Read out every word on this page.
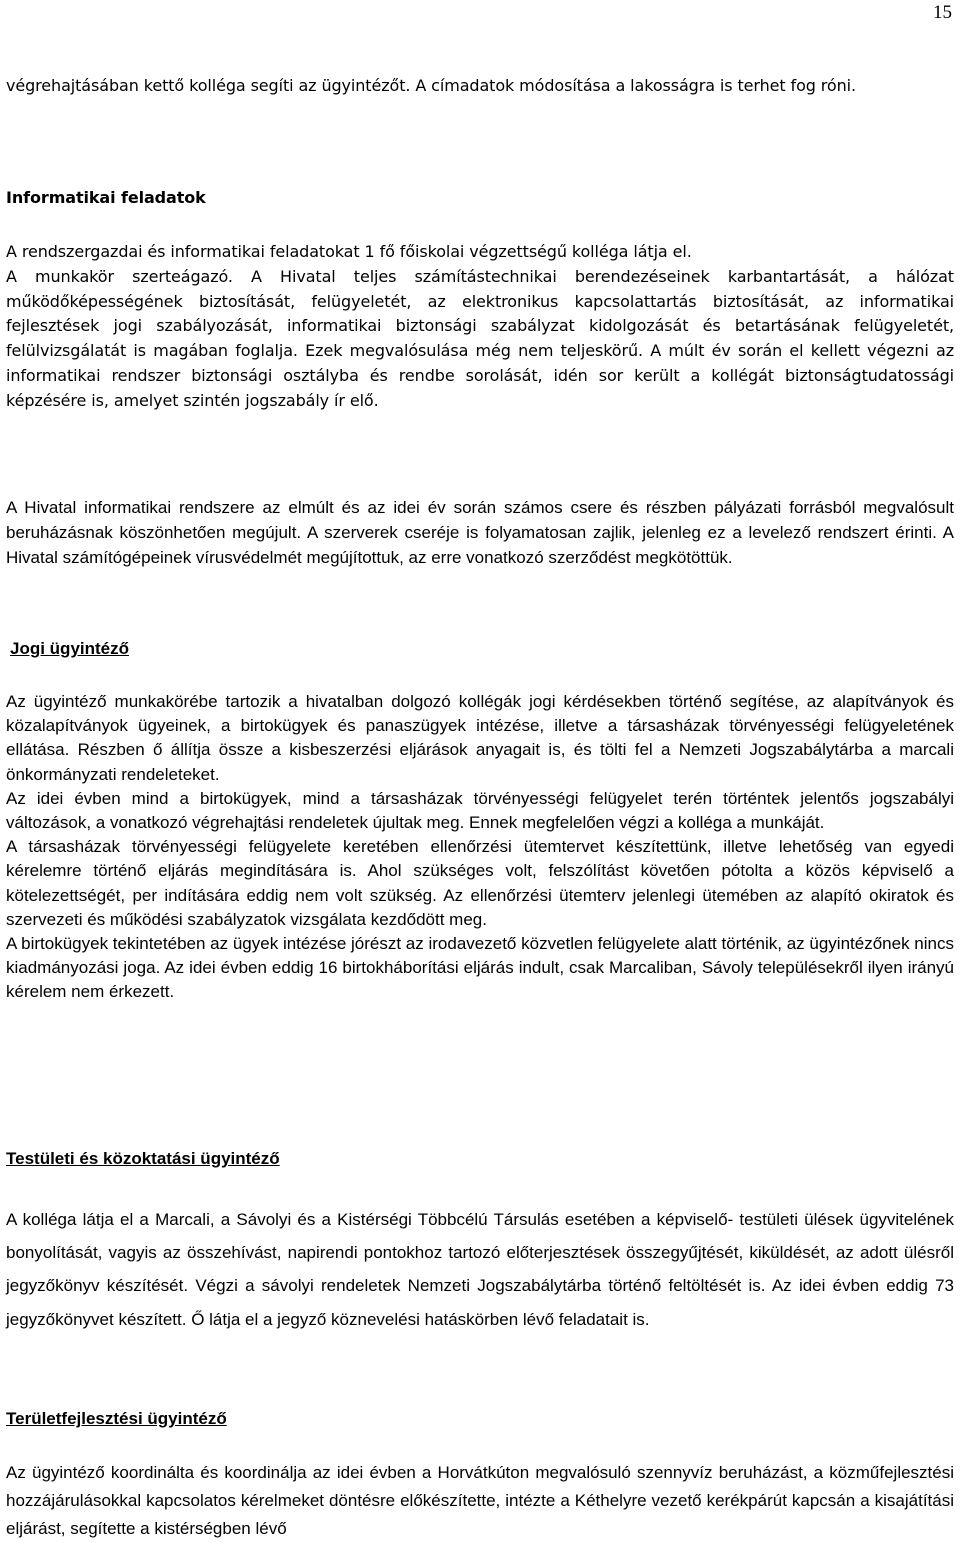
15

végrehajtásában kettő kolléga segíti az ügyintézőt. A címadatok módosítása a lakosságra is terhet fog róni.

Informatikai feladatok

A rendszergazdai és informatikai feladatokat 1 fő főiskolai végzettségű kolléga látja el.

A munkakör szerteágazó. A Hivatal teljes számítástechnikai berendezéseinek karbantartását, a hálózat működőképességének biztosítását, felügyeletét, az elektronikus kapcsolattartás biztosítását, az informatikai fejlesztések jogi szabályozását, informatikai biztonsági szabályzat kidolgozását és betartásának felügyeletét, felülvizsgálatát is magában foglalja. Ezek megvalósulása még nem teljeskörű. A múlt év során el kellett végezni az informatikai rendszer biztonsági osztályba és rendbe sorolását, idén sor került a kollégát biztonságtudatossági képzésére is, amelyet szintén jogszabály ír elő.

A Hivatal informatikai rendszere az elmúlt és az idei év során számos csere és részben pályázati forrásból megvalósult beruházásnak köszönhetően megújult. A szerverek cseréje is folyamatosan zajlik, jelenleg ez a levelező rendszert érinti. A Hivatal számítógépeinek vírusvédelmét megújítottuk, az erre vonatkozó szerződést megkötöttük.

Jogi ügyintéző

Az ügyintéző munkakörébe tartozik a hivatalban dolgozó kollégák jogi kérdésekben történő segítése, az alapítványok és közalapítványok ügyeinek, a birtokügyek és panaszügyek intézése, illetve a társasházak törvényességi felügyeletének ellátása. Részben ő állítja össze a kisbeszerzési eljárások anyagait is, és tölti fel a Nemzeti Jogszabálytárba a marcali önkormányzati rendeleteket.

Az idei évben mind a birtokügyek, mind a társasházak törvényességi felügyelet terén történtek jelentős jogszabályi változások, a vonatkozó végrehajtási rendeletek újultak meg. Ennek megfelelően végzi a kolléga a munkáját.

A társasházak törvényességi felügyelete keretében ellenőrzési ütemtervet készítettünk, illetve lehetőség van egyedi kérelemre történő eljárás megindítására is. Ahol szükséges volt, felszólítást követően pótolta a közös képviselő a kötelezettségét, per indítására eddig nem volt szükség. Az ellenőrzési ütemterv jelenlegi ütemében az alapító okiratok és szervezeti és működési szabályzatok vizsgálata kezdődött meg.

A birtokügyek tekintetében az ügyek intézése jórészt az irodavezető közvetlen felügyelete alatt történik, az ügyintézőnek nincs kiadmányozási joga. Az idei évben eddig 16 birtokháborítási eljárás indult, csak Marcaliban, Sávoly településekről ilyen irányú kérelem nem érkezett.

Testületi és közoktatási ügyintéző

A kolléga látja el a Marcali, a Sávolyi és a Kistérségi Többcélú Társulás esetében a képviselő- testületi ülések ügyvitelének bonyolítását, vagyis az összehívást, napirendi pontokhoz tartozó előterjesztések összegyűjtését, kiküldését, az adott ülésről jegyzőkönyv készítését. Végzi a sávolyi rendeletek Nemzeti Jogszabálytárba történő feltöltését is. Az idei évben eddig 73 jegyzőkönyvet készített. Ő látja el a jegyző köznevelési hatáskörben lévő feladatait is.

Területfejlesztési ügyintéző

Az ügyintéző koordinálta és koordinálja az idei évben a Horvátkúton megvalósuló szennyvíz beruházást, a közműfejlesztési hozzájárulásokkal kapcsolatos kérelmeket döntésre előkészítette, intézte a Kéthelyre vezető kerékpárút kapcsán a kisajátítási eljárást, segítette a kistérségben lévő
